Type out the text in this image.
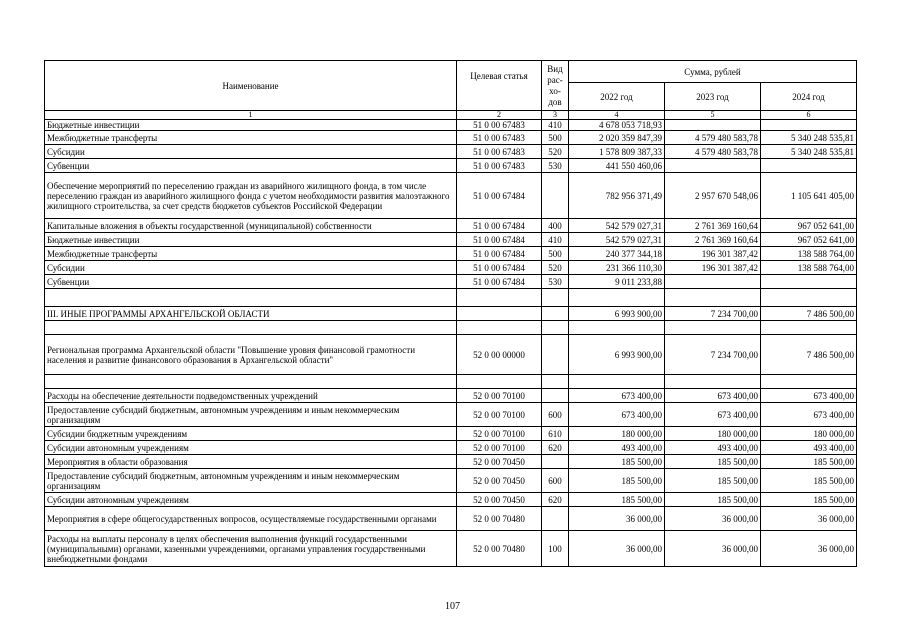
Наименование	Целевая статья	Вид рас-хо-дов	Сумма, рублей		
			2022 год	2023 год	2024 год
1	2	3	4	5	6
Бюджетные инвестиции	51 0 00 67483	410	4 678 053 718,93		
Межбюджетные трансферты	51 0 00 67483	500	2 020 359 847,39	4 579 480 583,78	5 340 248 535,81
Субсидии	51 0 00 67483	520	1 578 809 387,33	4 579 480 583,78	5 340 248 535,81
Субвенции	51 0 00 67483	530	441 550 460,06		
Обеспечение мероприятий по переселению граждан из аварийного жилищного фонда, в том числе переселению граждан из аварийного жилищного фонда с учетом необходимости развития малоэтажного жилищного строительства, за счет средств бюджетов субъектов Российской Федерации	51 0 00 67484		782 956 371,49	2 957 670 548,06	1 105 641 405,00
Капитальные вложения в объекты государственной (муниципальной) собственности	51 0 00 67484	400	542 579 027,31	2 761 369 160,64	967 052 641,00
Бюджетные инвестиции	51 0 00 67484	410	542 579 027,31	2 761 369 160,64	967 052 641,00
Межбюджетные трансферты	51 0 00 67484	500	240 377 344,18	196 301 387,42	138 588 764,00
Субсидии	51 0 00 67484	520	231 366 110,30	196 301 387,42	138 588 764,00
Субвенции	51 0 00 67484	530	9 011 233,88		

III. ИНЫЕ ПРОГРАММЫ АРХАНГЕЛЬСКОЙ ОБЛАСТИ			6 993 900,00	7 234 700,00	7 486 500,00

Региональная программа Архангельской области "Повышение уровня финансовой грамотности населения и развитие финансового образования в Архангельской области"	52 0 00 00000		6 993 900,00	7 234 700,00	7 486 500,00

Расходы на обеспечение деятельности подведомственных учреждений	52 0 00 70100		673 400,00	673 400,00	673 400,00
Предоставление субсидий бюджетным, автономным учреждениям и иным некоммерческим организациям	52 0 00 70100	600	673 400,00	673 400,00	673 400,00
Субсидии бюджетным учреждениям	52 0 00 70100	610	180 000,00	180 000,00	180 000,00
Субсидии автономным учреждениям	52 0 00 70100	620	493 400,00	493 400,00	493 400,00
Мероприятия в области образования	52 0 00 70450		185 500,00	185 500,00	185 500,00
Предоставление субсидий бюджетным, автономным учреждениям и иным некоммерческим организациям	52 0 00 70450	600	185 500,00	185 500,00	185 500,00
Субсидии автономным учреждениям	52 0 00 70450	620	185 500,00	185 500,00	185 500,00
Мероприятия в сфере общегосударственных вопросов, осуществляемые государственными органами	52 0 00 70480		36 000,00	36 000,00	36 000,00
Расходы на выплаты персоналу в целях обеспечения выполнения функций государственными (муниципальными) органами, казенными учреждениями, органами управления государственными внебюджетными фондами	52 0 00 70480	100	36 000,00	36 000,00	36 000,00
107
